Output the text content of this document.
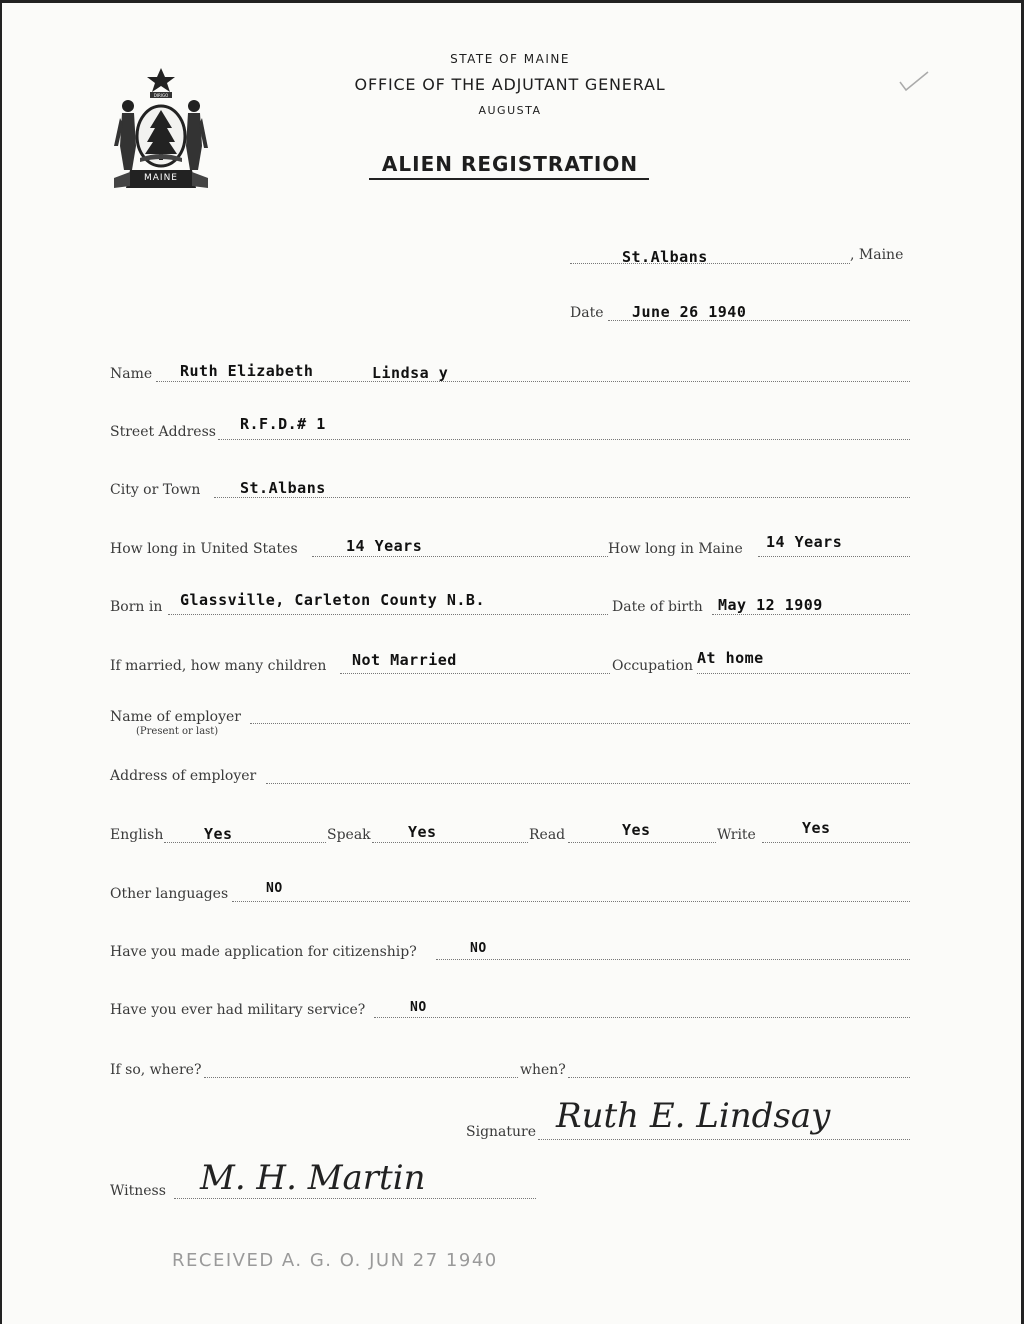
DIRIGO
MAINE
STATE OF MAINE
OFFICE OF THE ADJUTANT GENERAL
AUGUSTA
ALIEN REGISTRATION
St.Albans	, Maine
Date June 26 1940
Name Ruth Elizabeth	Lindsa y
Street Address R.F.D.# 1
City or Town	St.Albans
How long in United States	14 Years	How long in Maine 14 Years
Born in Glassville, Carleton County N.B.	Date of birth May 12 1909
If married, how many children Not Married	Occupation At home
Name of employer
(Present or last)
Address of employer
English	Yes	Speak Yes	Read	Yes	Write	Yes
Other languages	NO
Have you made application for citizenship?	NO
Have you ever had military service?	NO
If so, where?	when?
Signature Ruth E. Lindsay
Witness M. H. Martin
RECEIVED A. G. O. JUN 27 1940
